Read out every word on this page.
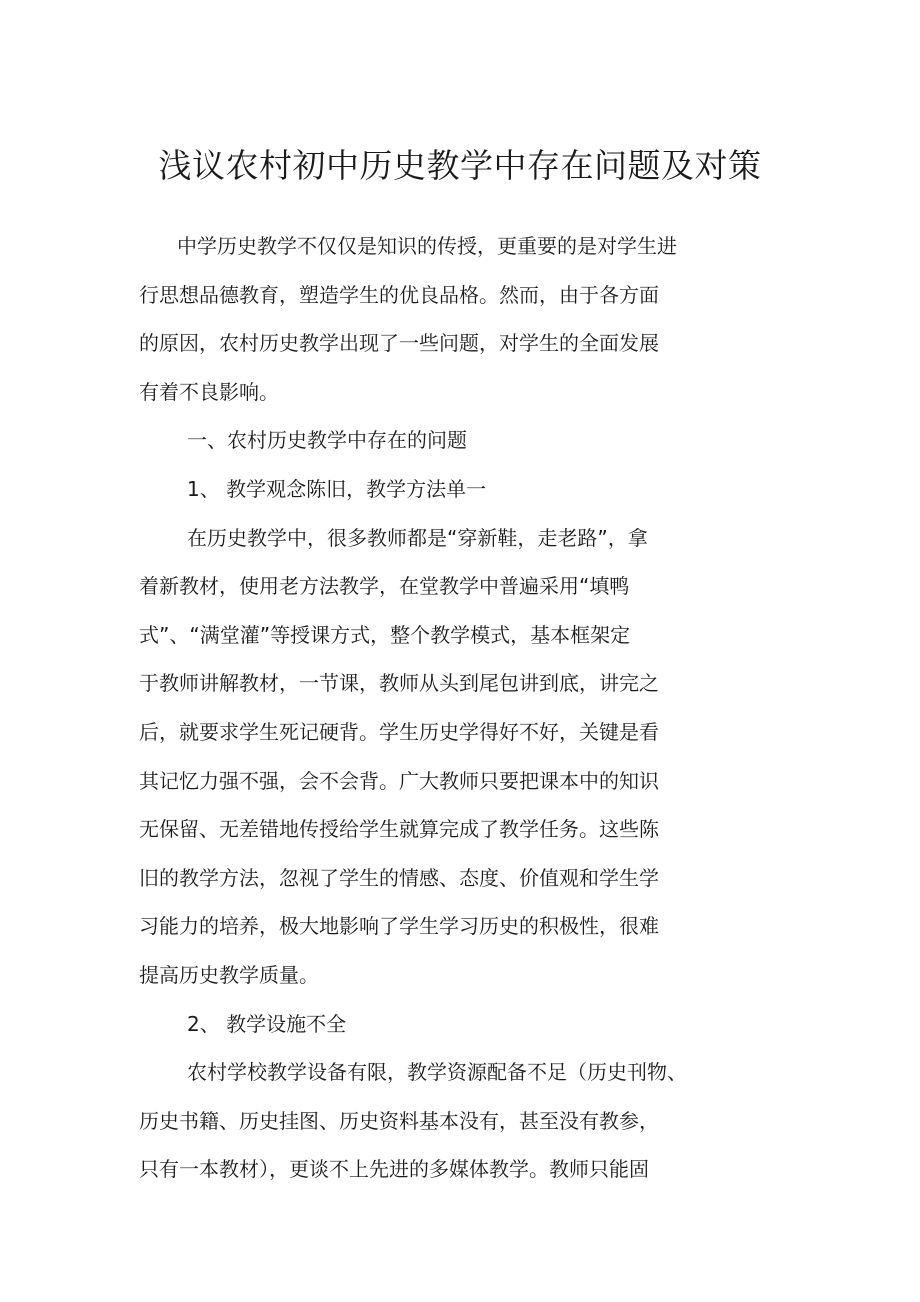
浅议农村初中历史教学中存在问题及对策
中学历史教学不仅仅是知识的传授，更重要的是对学生进
行思想品德教育，塑造学生的优良品格。然而，由于各方面
的原因，农村历史教学出现了一些问题，对学生的全面发展
有着不良影响。
一、农村历史教学中存在的问题
1、 教学观念陈旧，教学方法单一
在历史教学中，很多教师都是“穿新鞋，走老路”，拿
着新教材，使用老方法教学，在堂教学中普遍采用“填鸭
式”、“满堂灌”等授课方式，整个教学模式，基本框架定
于教师讲解教材，一节课，教师从头到尾包讲到底，讲完之
后，就要求学生死记硬背。学生历史学得好不好，关键是看
其记忆力强不强，会不会背。广大教师只要把课本中的知识
无保留、无差错地传授给学生就算完成了教学任务。这些陈
旧的教学方法，忽视了学生的情感、态度、价值观和学生学
习能力的培养，极大地影响了学生学习历史的积极性，很难
提高历史教学质量。
2、 教学设施不全
农村学校教学设备有限，教学资源配备不足（历史刊物、
历史书籍、历史挂图、历史资料基本没有，甚至没有教参，
只有一本教材），更谈不上先进的多媒体教学。教师只能固
